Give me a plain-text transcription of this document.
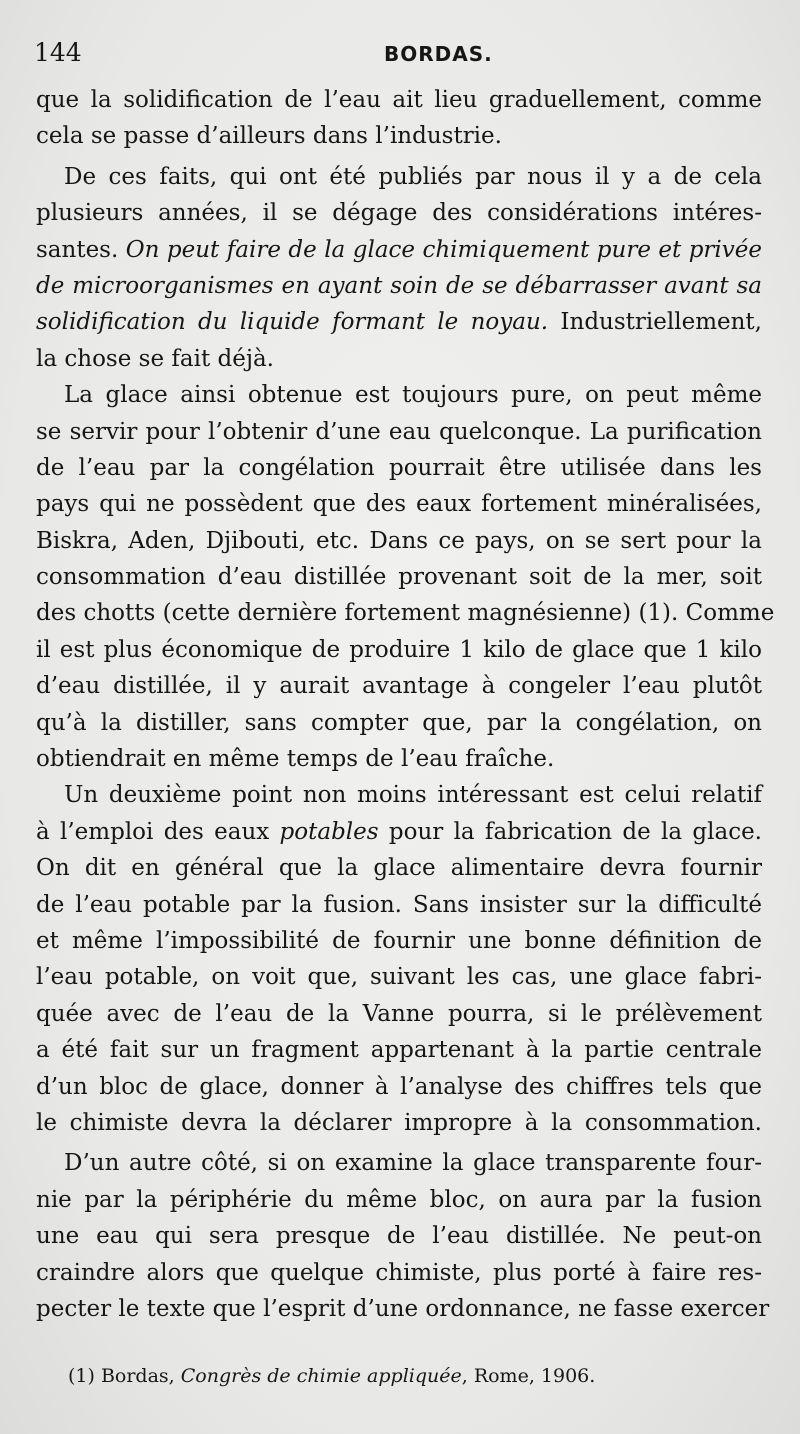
144	BORDAS.
que la solidification de l’eau ait lieu graduellement, comme
cela se passe d’ailleurs dans l’industrie.
De ces faits, qui ont été publiés par nous il y a de cela
plusieurs années, il se dégage des considérations intéres-
santes. On peut faire de la glace chimiquement pure et privée
de microorganismes en ayant soin de se débarrasser avant sa
solidification du liquide formant le noyau. Industriellement,
la chose se fait déjà.
La glace ainsi obtenue est toujours pure, on peut même
se servir pour l’obtenir d’une eau quelconque. La purification
de l’eau par la congélation pourrait être utilisée dans les
pays qui ne possèdent que des eaux fortement minéralisées,
Biskra, Aden, Djibouti, etc. Dans ce pays, on se sert pour la
consommation d’eau distillée provenant soit de la mer, soit
des chotts (cette dernière fortement magnésienne) (1). Comme
il est plus économique de produire 1 kilo de glace que 1 kilo
d’eau distillée, il y aurait avantage à congeler l’eau plutôt
qu’à la distiller, sans compter que, par la congélation, on
obtiendrait en même temps de l’eau fraîche.
Un deuxième point non moins intéressant est celui relatif
à l’emploi des eaux potables pour la fabrication de la glace.
On dit en général que la glace alimentaire devra fournir
de l’eau potable par la fusion. Sans insister sur la difficulté
et même l’impossibilité de fournir une bonne définition de
l’eau potable, on voit que, suivant les cas, une glace fabri-
quée avec de l’eau de la Vanne pourra, si le prélèvement
a été fait sur un fragment appartenant à la partie centrale
d’un bloc de glace, donner à l’analyse des chiffres tels que
le chimiste devra la déclarer impropre à la consommation.
D’un autre côté, si on examine la glace transparente four-
nie par la périphérie du même bloc, on aura par la fusion
une eau qui sera presque de l’eau distillée. Ne peut-on
craindre alors que quelque chimiste, plus porté à faire res-
pecter le texte que l’esprit d’une ordonnance, ne fasse exercer
(1) Bordas, Congrès de chimie appliquée, Rome, 1906.
